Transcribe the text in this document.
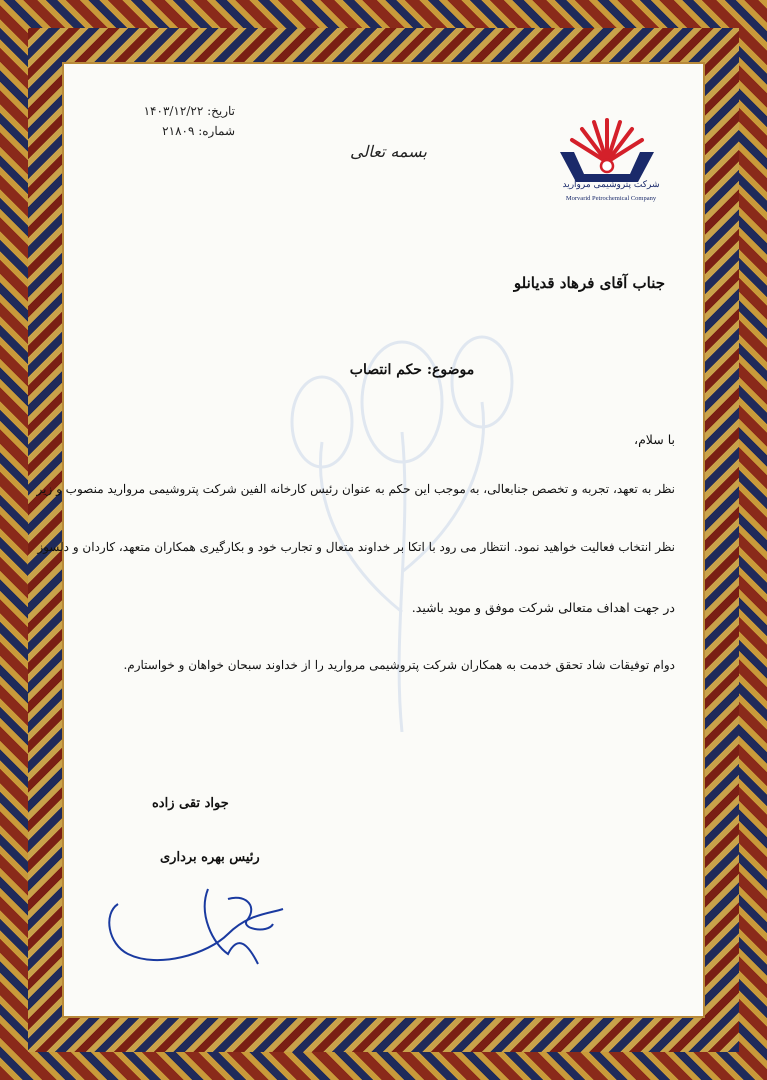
تاریخ: ۱۴۰۳/۱۲/۲۲
شماره: ۲۱۸۰۹
بسمه تعالی
شرکت پتروشیمی مروارید
Morvarid Petrochemical Company
جناب آقای فرهاد قدیانلو
موضوع: حکم انتصاب
با سلام،
نظر به تعهد، تجربه و تخصص جنابعالی، به موجب این حکم به عنوان رئیس کارخانه الفین شرکت پتروشیمی مروارید منصوب و زیر
نظر انتخاب فعالیت خواهید نمود. انتظار می رود با اتکا بر خداوند متعال و تجارب خود و بکارگیری همکاران متعهد، کاردان و دلسوز
در جهت اهداف متعالی شرکت موفق و موید باشید.
دوام توفیقات شاد تحقق خدمت به همکاران شرکت پتروشیمی مروارید را از خداوند سبحان خواهان و خواستارم.
جواد تقی زاده
رئیس بهره برداری
